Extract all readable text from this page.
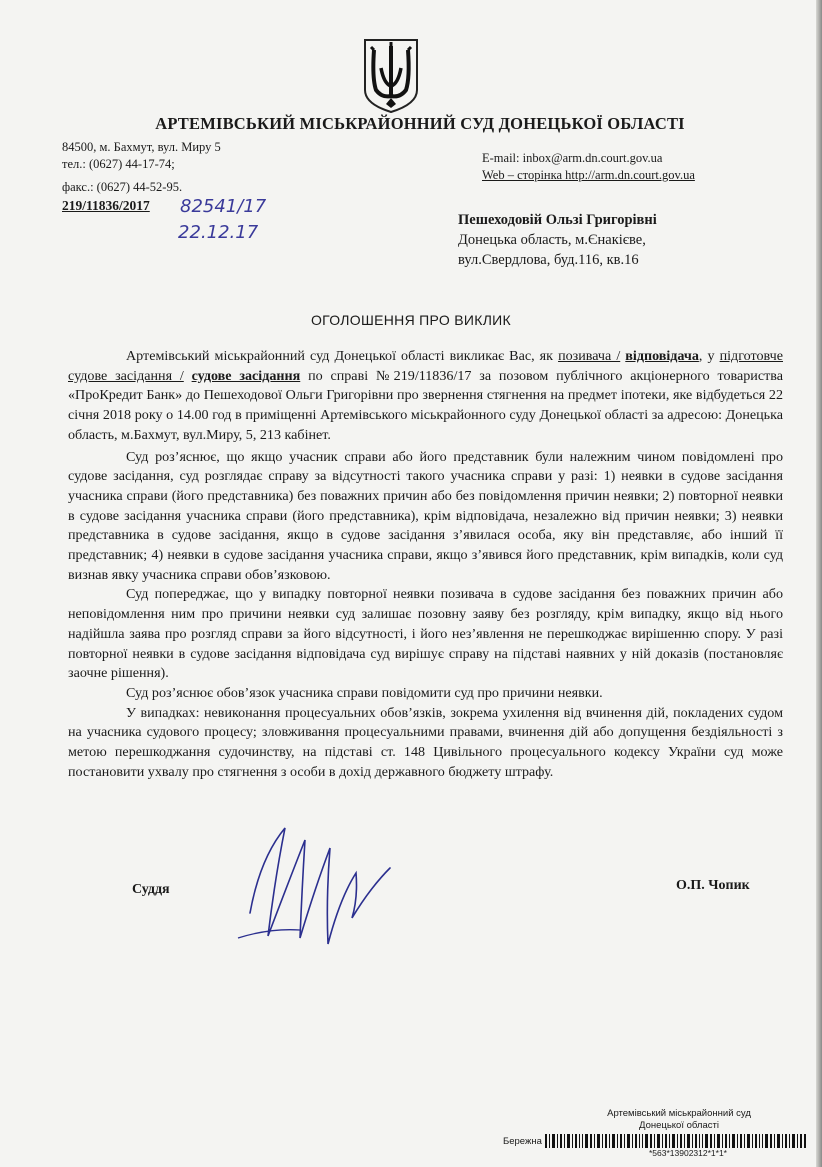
АРТЕМІВСЬКИЙ МІСЬКРАЙОННИЙ СУД ДОНЕЦЬКОЇ ОБЛАСТІ
84500, м. Бахмут, вул. Миру 5
тел.: (0627) 44-17-74;
факс.: (0627) 44-52-95.
E-mail: inbox@arm.dn.court.gov.ua
Web – сторінка http://arm.dn.court.gov.ua
219/11836/2017 82541/17
22.12.17
Пешеходовій Ользі Григорівні
Донецька область, м.Єнакієве,
вул.Свердлова, буд.116, кв.16
ОГОЛОШЕННЯ ПРО ВИКЛИК

Артемівський міськрайонний суд Донецької області викликає Вас, як позивача / відповідача, у підготовче судове засідання / судове засідання по справі №219/11836/17 за позовом публічного акціонерного товариства «ПроКредит Банк» до Пешеходової Ольги Григорівни про звернення стягнення на предмет іпотеки, яке відбудеться 22 січня 2018 року о 14.00 год в приміщенні Артемівського міськрайонного суду Донецької області за адресою: Донецька область, м.Бахмут, вул.Миру, 5, 213 кабінет.

Суд роз’яснює, що якщо учасник справи або його представник були належним чином повідомлені про судове засідання, суд розглядає справу за відсутності такого учасника справи у разі: 1) неявки в судове засідання учасника справи (його представника) без поважних причин або без повідомлення причин неявки; 2) повторної неявки в судове засідання учасника справи (його представника), крім відповідача, незалежно від причин неявки; 3) неявки представника в судове засідання, якщо в судове засідання з’явилася особа, яку він представляє, або інший її представник; 4) неявки в судове засідання учасника справи, якщо з’явився його представник, крім випадків, коли суд визнав явку учасника справи обов’язковою.

Суд попереджає, що у випадку повторної неявки позивача в судове засідання без поважних причин або неповідомлення ним про причини неявки суд залишає позовну заяву без розгляду, крім випадку, якщо від нього надійшла заява про розгляд справи за його відсутності, і його нез’явлення не перешкоджає вирішенню спору. У разі повторної неявки в судове засідання відповідача суд вирішує справу на підставі наявних у ній доказів (постановляє заочне рішення).

Суд роз’яснює обов’язок учасника справи повідомити суд про причини неявки.

У випадках: невиконання процесуальних обов’язків, зокрема ухилення від вчинення дій, покладених судом на учасника судового процесу; зловживання процесуальними правами, вчинення дій або допущення бездіяльності з метою перешкоджання судочинству, на підставі ст. 148 Цивільного процесуального кодексу України суд може постановити ухвалу про стягнення з особи в дохід державного бюджету штрафу.

Суддя	О.П. Чопик
Артемівський міськрайонний суд
Донецької області
Бережна
*563*13902312*1*1*
